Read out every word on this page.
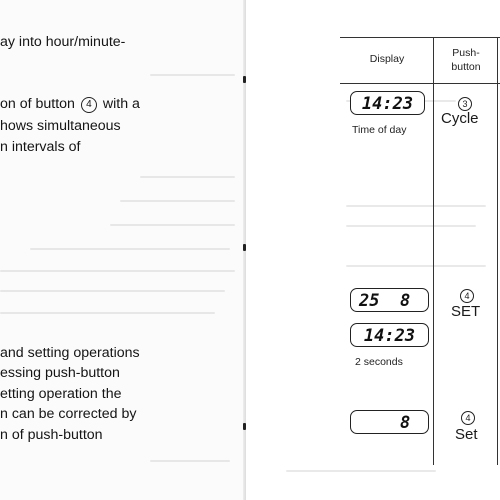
ay into hour/minute-
on of button 4 with a
hows simultaneous
n intervals of
and setting operations
essing push-button
etting operation the
n can be corrected by
n of push-button
Display	Push-
button
14:23
Time of day
3
Cycle
25  8
14:23
2 seconds
4
SET
8	4
Set
